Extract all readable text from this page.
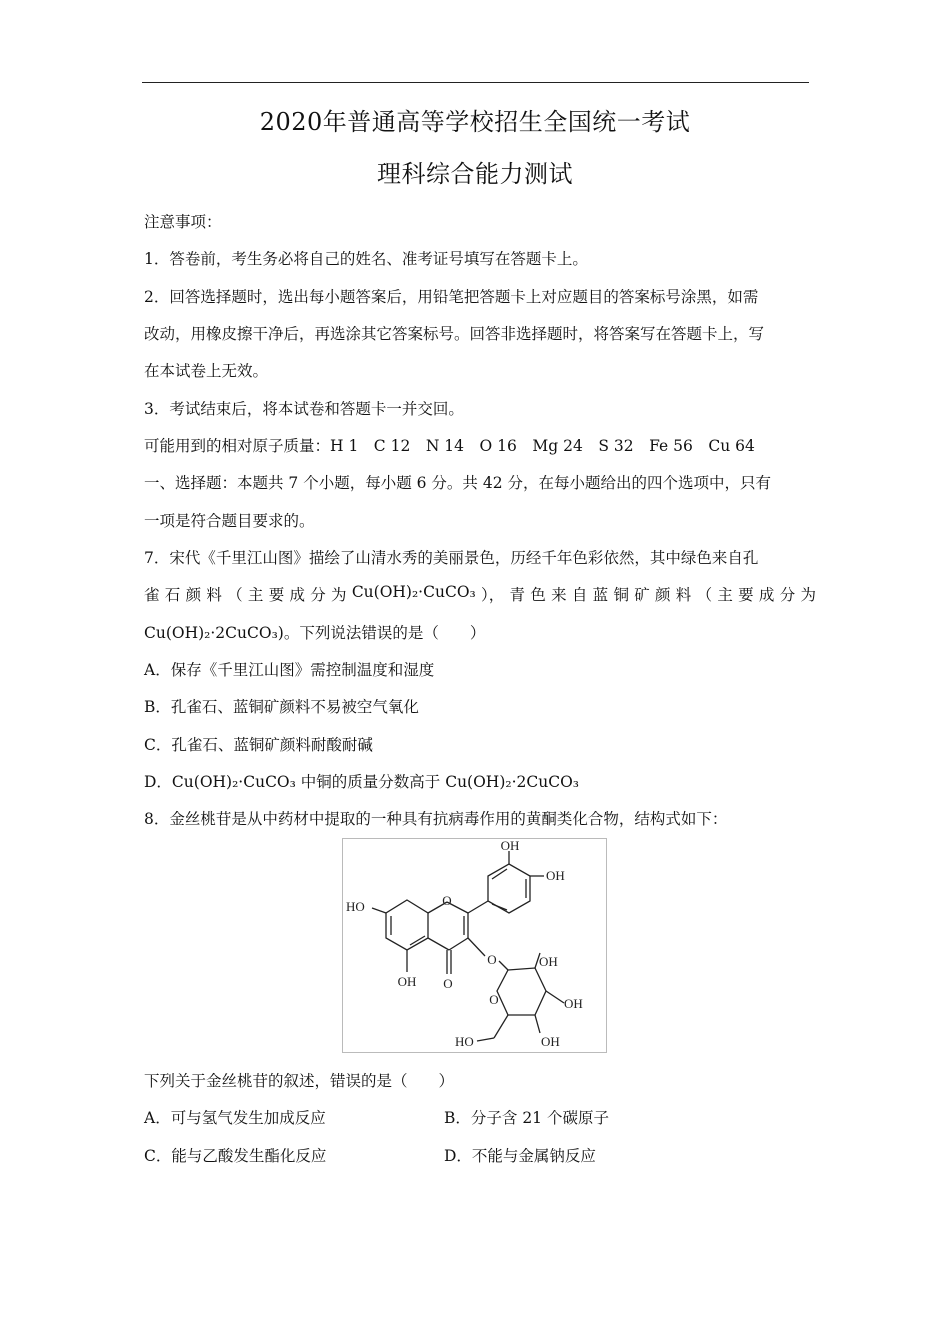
2020年普通高等学校招生全国统一考试
理科综合能力测试
注意事项：
1．答卷前，考生务必将自己的姓名、准考证号填写在答题卡上。
2．回答选择题时，选出每小题答案后，用铅笔把答题卡上对应题目的答案标号涂黑，如需
改动，用橡皮擦干净后，再选涂其它答案标号。回答非选择题时，将答案写在答题卡上，写
在本试卷上无效。
3．考试结束后，将本试卷和答题卡一并交回。
可能用到的相对原子质量：H 1　C 12　N 14　O 16　Mg 24　S 32　Fe 56　Cu 64
一、选择题：本题共 7 个小题，每小题 6 分。共 42 分，在每小题给出的四个选项中，只有
一项是符合题目要求的。
7．宋代《千里江山图》描绘了山清水秀的美丽景色，历经千年色彩依然，其中绿色来自孔
雀 石 颜 料 （ 主 要 成 分 为 Cu(OH)₂·CuCO₃ ）， 青 色 来 自 蓝 铜 矿 颜 料 （ 主 要 成 分 为
Cu(OH)₂·2CuCO₃)。下列说法错误的是（　　）
A．保存《千里江山图》需控制温度和湿度
B．孔雀石、蓝铜矿颜料不易被空气氧化
C．孔雀石、蓝铜矿颜料耐酸耐碱
D．Cu(OH)₂·CuCO₃ 中铜的质量分数高于 Cu(OH)₂·2CuCO₃
8．金丝桃苷是从中药材中提取的一种具有抗病毒作用的黄酮类化合物，结构式如下：
OH
OH
HO	O
OH O
O
O
OH
OH
OH
HO
下列关于金丝桃苷的叙述，错误的是（　　）
A．可与氢气发生加成反应	B．分子含 21 个碳原子
C．能与乙酸发生酯化反应	D．不能与金属钠反应
